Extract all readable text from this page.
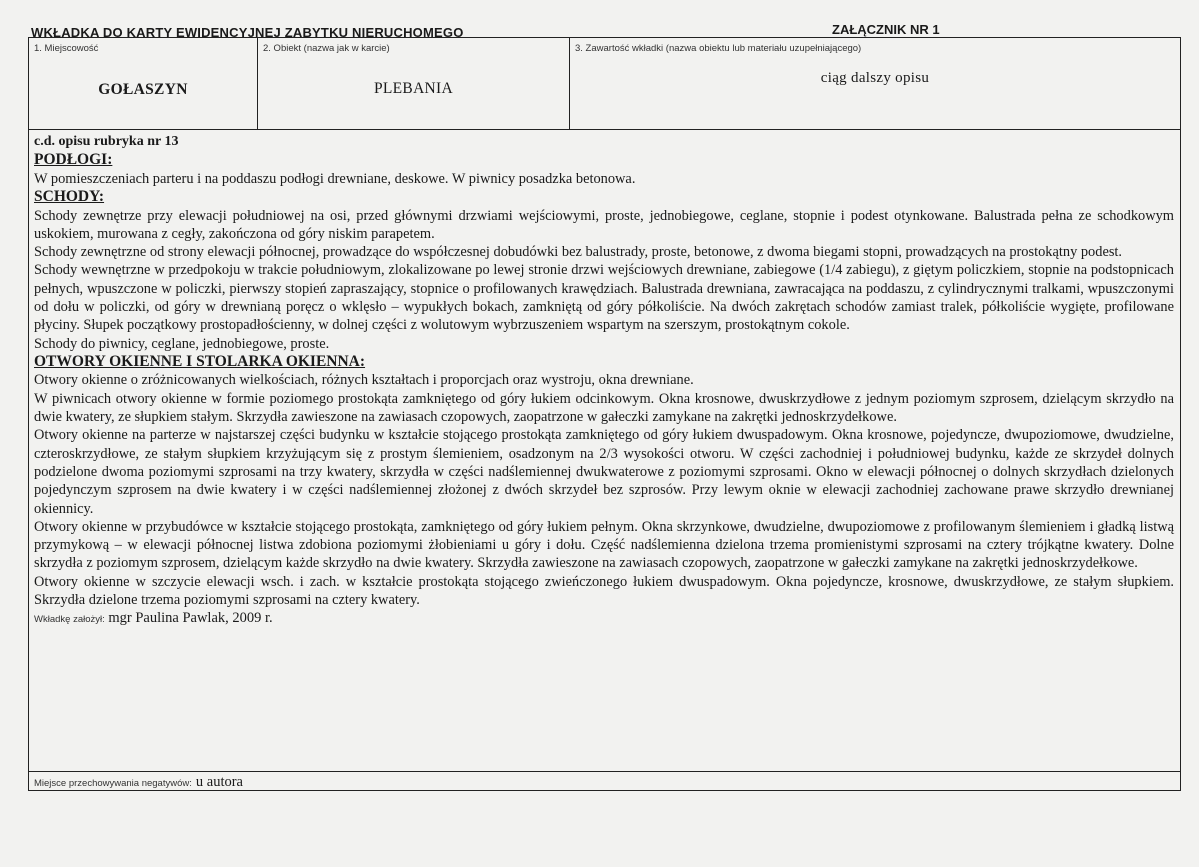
WKŁADKA DO KARTY EWIDENCYJNEJ ZABYTKU NIERUCHOMEGO	ZAŁĄCZNIK NR 1
1. Miejscowość
GOŁASZYN
2. Obiekt (nazwa jak w karcie)
PLEBANIA
3. Zawartość wkładki (nazwa obiektu lub materiału uzupełniającego)
ciąg dalszy opisu

c.d. opisu rubryka nr 13

PODŁOGI:

W pomieszczeniach parteru i na poddaszu podłogi drewniane, deskowe. W piwnicy posadzka betonowa.

SCHODY:

Schody zewnętrze przy elewacji południowej na osi, przed głównymi drzwiami wejściowymi, proste, jednobiegowe, ceglane, stopnie i podest otynkowane. Balustrada pełna ze schodkowym uskokiem, murowana z cegły, zakończona od góry niskim parapetem.

Schody zewnętrzne od strony elewacji północnej, prowadzące do współczesnej dobudówki bez balustrady, proste, betonowe, z dwoma biegami stopni, prowadzących na prostokątny podest.

Schody wewnętrzne w przedpokoju w trakcie południowym, zlokalizowane po lewej stronie drzwi wejściowych drewniane, zabiegowe (1/4 zabiegu), z giętym policzkiem, stopnie na podstopnicach pełnych, wpuszczone w policzki, pierwszy stopień zapraszający, stopnice o profilowanych krawędziach. Balustrada drewniana, zawracająca na poddaszu, z cylindrycznymi tralkami, wpuszczonymi od dołu w policzki, od góry w drewnianą poręcz o wklęsło – wypukłych bokach, zamkniętą od góry półkoliście. Na dwóch zakrętach schodów zamiast tralek, półkoliście wygięte, profilowane płyciny. Słupek początkowy prostopadłościenny, w dolnej części z wolutowym wybrzuszeniem wspartym na szerszym, prostokątnym cokole.

Schody do piwnicy, ceglane, jednobiegowe, proste.

OTWORY OKIENNE I STOLARKA OKIENNA:

Otwory okienne o zróżnicowanych wielkościach, różnych kształtach i proporcjach oraz wystroju, okna drewniane.

W piwnicach otwory okienne w formie poziomego prostokąta zamkniętego od góry łukiem odcinkowym. Okna krosnowe, dwuskrzydłowe z jednym poziomym szprosem, dzielącym skrzydło na dwie kwatery, ze słupkiem stałym. Skrzydła zawieszone na zawiasach czopowych, zaopatrzone w gałeczki zamykane na zakrętki jednoskrzydełkowe.

Otwory okienne na parterze w najstarszej części budynku w kształcie stojącego prostokąta zamkniętego od góry łukiem dwuspadowym. Okna krosnowe, pojedyncze, dwupoziomowe, dwudzielne, czteroskrzydłowe, ze stałym słupkiem krzyżującym się z prostym ślemieniem, osadzonym na 2/3 wysokości otworu. W części zachodniej i południowej budynku, każde ze skrzydeł dolnych podzielone dwoma poziomymi szprosami na trzy kwatery, skrzydła w części nadślemiennej dwukwaterowe z poziomymi szprosami. Okno w elewacji północnej o dolnych skrzydłach dzielonych pojedynczym szprosem na dwie kwatery i w części nadślemiennej złożonej z dwóch skrzydeł bez szprosów. Przy lewym oknie w elewacji zachodniej zachowane prawe skrzydło drewnianej okiennicy.

Otwory okienne w przybudówce w kształcie stojącego prostokąta, zamkniętego od góry łukiem pełnym. Okna skrzynkowe, dwudzielne, dwupoziomowe z profilowanym ślemieniem i gładką listwą przymykową – w elewacji północnej listwa zdobiona poziomymi żłobieniami u góry i dołu. Część nadślemienna dzielona trzema promienistymi szprosami na cztery trójkątne kwatery. Dolne skrzydła z poziomym szprosem, dzielącym każde skrzydło na dwie kwatery. Skrzydła zawieszone na zawiasach czopowych, zaopatrzone w gałeczki zamykane na zakrętki jednoskrzydełkowe.

Otwory okienne w szczycie elewacji wsch. i zach. w kształcie prostokąta stojącego zwieńczonego łukiem dwuspadowym. Okna pojedyncze, krosnowe, dwuskrzydłowe, ze stałym słupkiem. Skrzydła dzielone trzema poziomymi szprosami na cztery kwatery.

Wkładkę założył: mgr Paulina Pawlak, 2009 r.

Miejsce przechowywania negatywów: u autora
